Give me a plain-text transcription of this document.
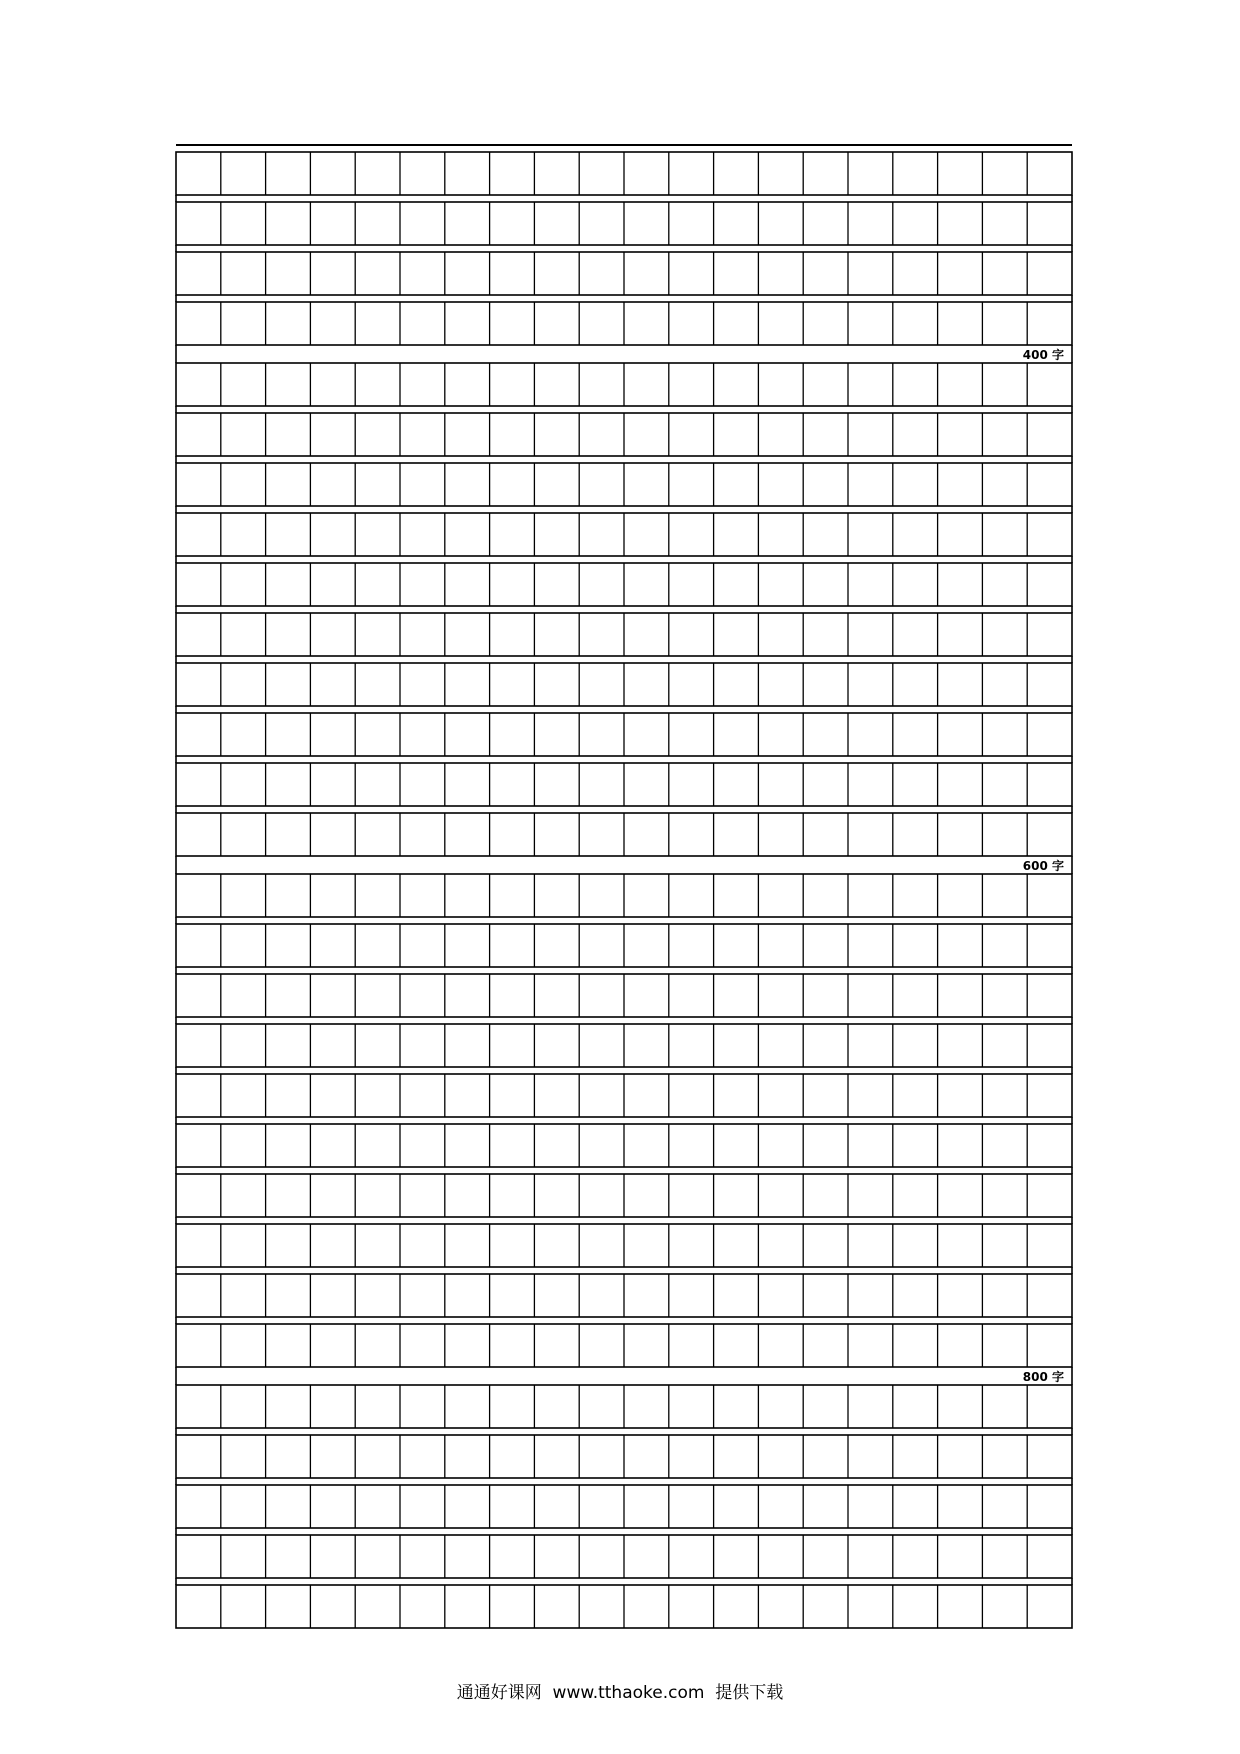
400 字
600 字
800 字
通通好课网  www.tthaoke.com  提供下载
